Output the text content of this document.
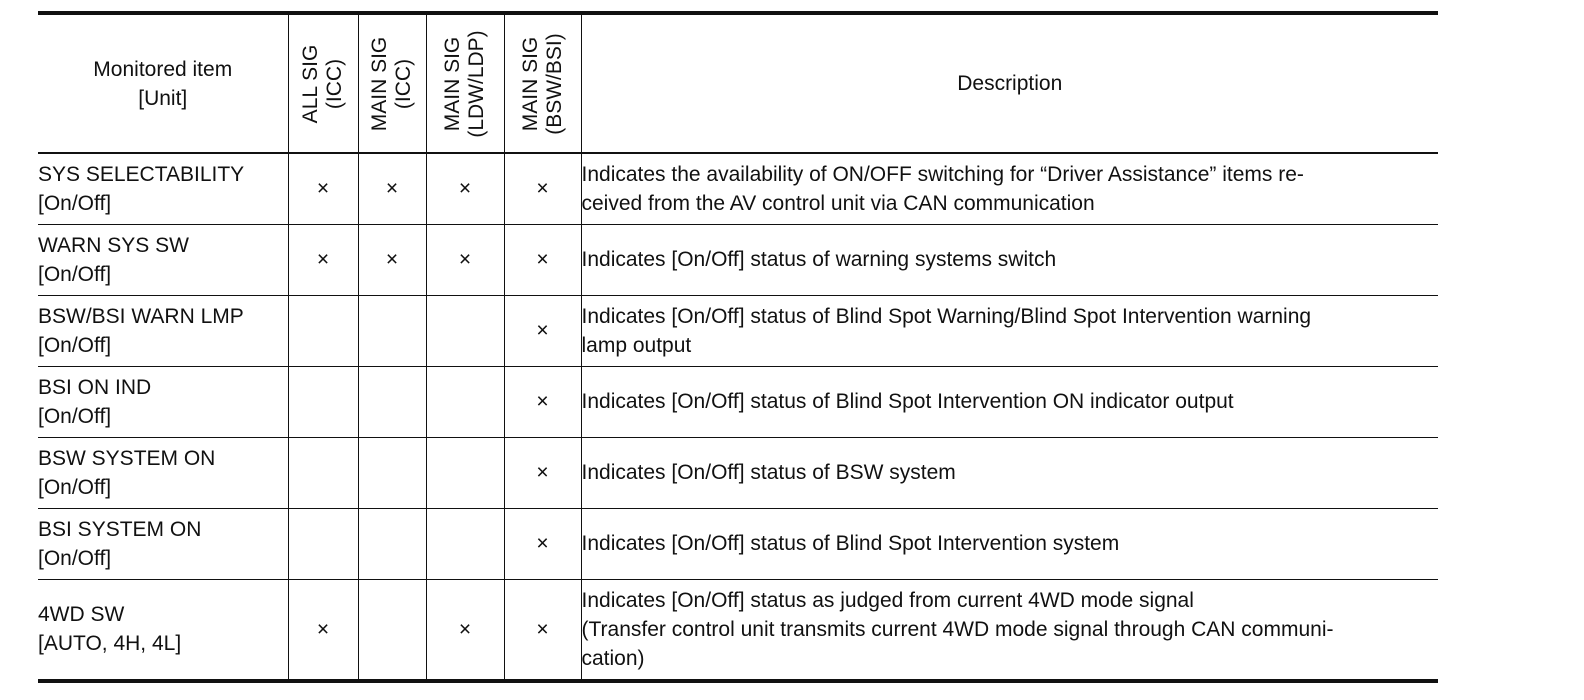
Monitored item
[Unit]	ALL SIG (ICC)	MAIN SIG (ICC)	MAIN SIG (LDW/LDP)	MAIN SIG (BSW/BSI)	Description

SYS SELECTABILITY
[On/Off]	×	×	×	×	Indicates the availability of ON/OFF switching for “Driver Assistance” items re-
ceived from the AV control unit via CAN communication

WARN SYS SW
[On/Off]	×	×	×	×	Indicates [On/Off] status of warning systems switch

BSW/BSI WARN LMP
[On/Off]				×	Indicates [On/Off] status of Blind Spot Warning/Blind Spot Intervention warning
lamp output

BSI ON IND
[On/Off]				×	Indicates [On/Off] status of Blind Spot Intervention ON indicator output

BSW SYSTEM ON
[On/Off]				×	Indicates [On/Off] status of BSW system

BSI SYSTEM ON
[On/Off]				×	Indicates [On/Off] status of Blind Spot Intervention system

4WD SW
[AUTO, 4H, 4L]	×		×	×	Indicates [On/Off] status as judged from current 4WD mode signal
(Transfer control unit transmits current 4WD mode signal through CAN communi-
cation)
